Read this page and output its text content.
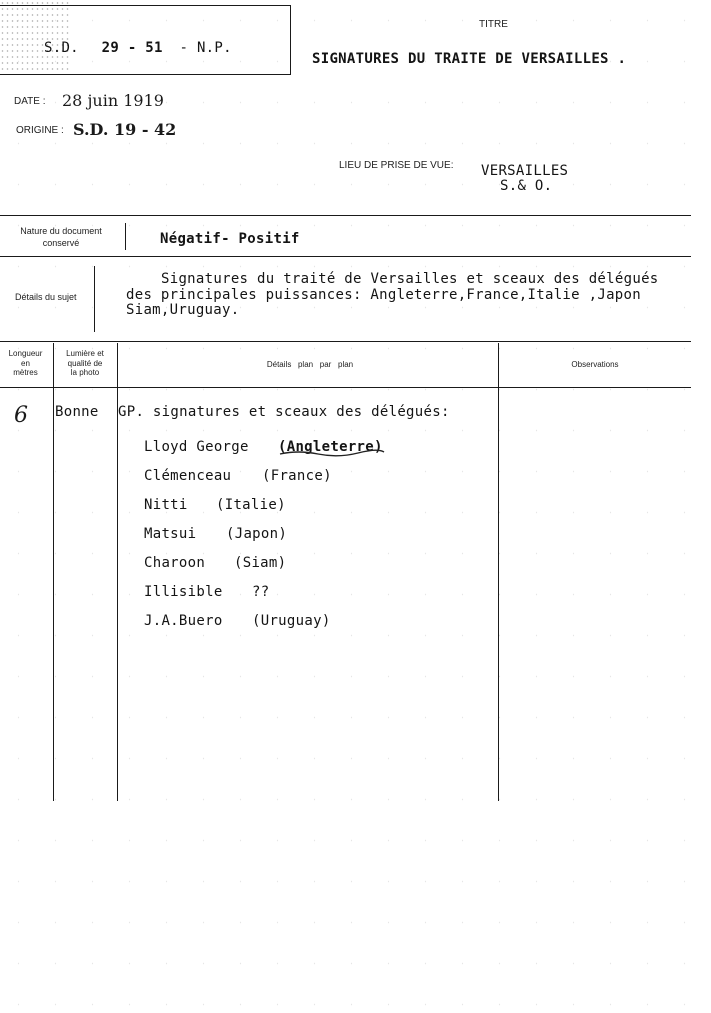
S.D. 29 - 51 - N.P.
TITRE
SIGNATURES DU TRAITE DE VERSAILLES .
DATE : 28 juin 1919
ORIGINE : S.D. 19 - 42
LIEU DE PRISE DE VUE: VERSAILLES
S.& O.
Nature du document
conservé	Négatif- Positif
Détails du sujet
Signatures du traité de Versailles et sceaux des délégués
des principales puissances: Angleterre,France,Italie ,Japon
Siam,Uruguay.
Longueur
en
mètres
Lumière et
qualité de
la photo
Détails   plan   par   plan	Observations
6 Bonne GP. signatures et sceaux des délégués:
Lloyd George (Angleterre)
Clémenceau (France)
Nitti (Italie)
Matsui (Japon)
Charoon (Siam)
Illisible ??
J.A.Buero (Uruguay)
